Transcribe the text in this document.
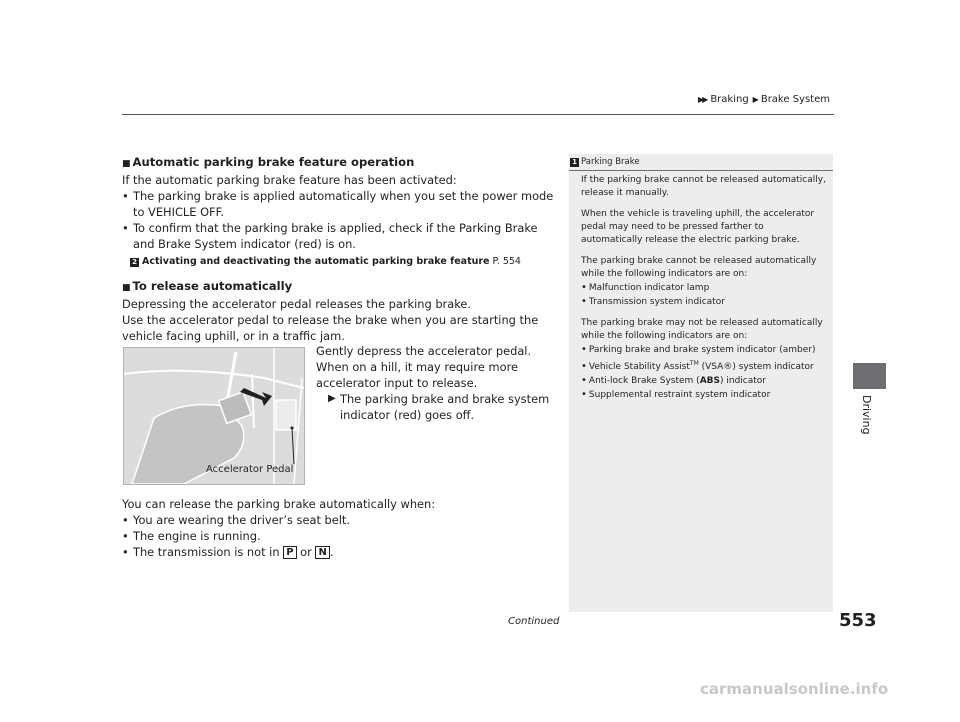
▶▶ Braking ▶ Brake System
Driving
■ Automatic parking brake feature operation

If the automatic parking brake feature has been activated:

• The parking brake is applied automatically when you set the power mode to VEHICLE OFF.

• To confirm that the parking brake is applied, check if the Parking Brake and Brake System indicator (red) is on.

2 Activating and deactivating the automatic parking brake feature P. 554
■ To release automatically

Depressing the accelerator pedal releases the parking brake.

Use the accelerator pedal to release the brake when you are starting the vehicle facing uphill, or in a traffic jam.

Accelerator Pedal

Gently depress the accelerator pedal.

When on a hill, it may require more accelerator input to release.

▶ The parking brake and brake system indicator (red) goes off.

You can release the parking brake automatically when:

• You are wearing the driver’s seat belt.

• The engine is running.

• The transmission is not in P or N .

1 Parking Brake

If the parking brake cannot be released automatically, release it manually.

When the vehicle is traveling uphill, the accelerator pedal may need to be pressed farther to automatically release the electric parking brake.

The parking brake cannot be released automatically while the following indicators are on:
• Malfunction indicator lamp
• Transmission system indicator

The parking brake may not be released automatically while the following indicators are on:
• Parking brake and brake system indicator (amber)
• Vehicle Stability Assist™ (VSA®) system indicator
• Anti-lock Brake System (ABS) indicator
• Supplemental restraint system indicator

Continued	553
carmanualsonline.info
